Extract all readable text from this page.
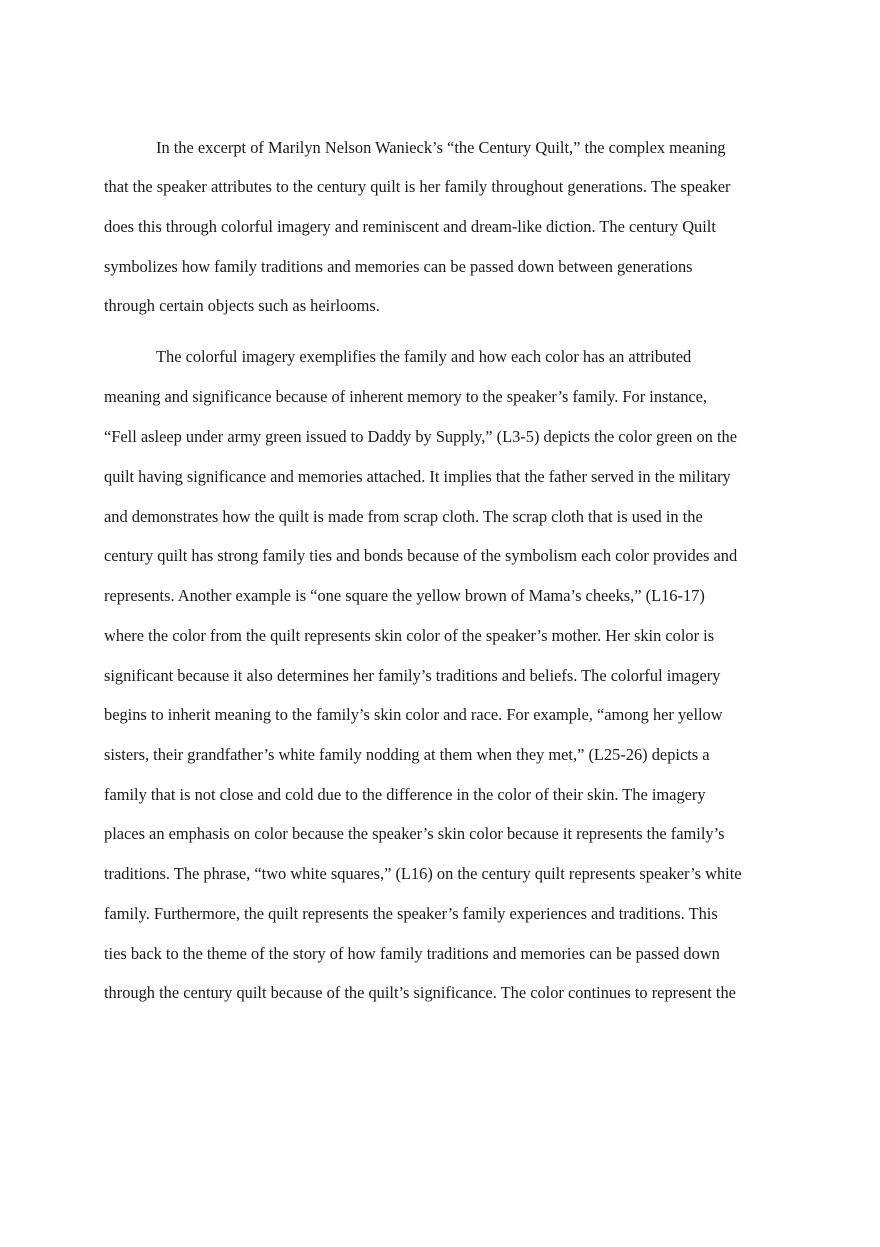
In the excerpt of Marilyn Nelson Wanieck’s “the Century Quilt,” the complex meaning
that the speaker attributes to the century quilt is her family throughout generations. The speaker
does this through colorful imagery and reminiscent and dream-like diction. The century Quilt
symbolizes how family traditions and memories can be passed down between generations
through certain objects such as heirlooms.
The colorful imagery exemplifies the family and how each color has an attributed
meaning and significance because of inherent memory to the speaker’s family. For instance,
“Fell asleep under army green issued to Daddy by Supply,” (L3-5) depicts the color green on the
quilt having significance and memories attached. It implies that the father served in the military
and demonstrates how the quilt is made from scrap cloth. The scrap cloth that is used in the
century quilt has strong family ties and bonds because of the symbolism each color provides and
represents. Another example is “one square the yellow brown of Mama’s cheeks,” (L16-17)
where the color from the quilt represents skin color of the speaker’s mother. Her skin color is
significant because it also determines her family’s traditions and beliefs. The colorful imagery
begins to inherit meaning to the family’s skin color and race. For example, “among her yellow
sisters, their grandfather’s white family nodding at them when they met,” (L25-26) depicts a
family that is not close and cold due to the difference in the color of their skin. The imagery
places an emphasis on color because the speaker’s skin color because it represents the family’s
traditions. The phrase, “two white squares,” (L16) on the century quilt represents speaker’s white
family. Furthermore, the quilt represents the speaker’s family experiences and traditions. This
ties back to the theme of the story of how family traditions and memories can be passed down
through the century quilt because of the quilt’s significance. The color continues to represent the
